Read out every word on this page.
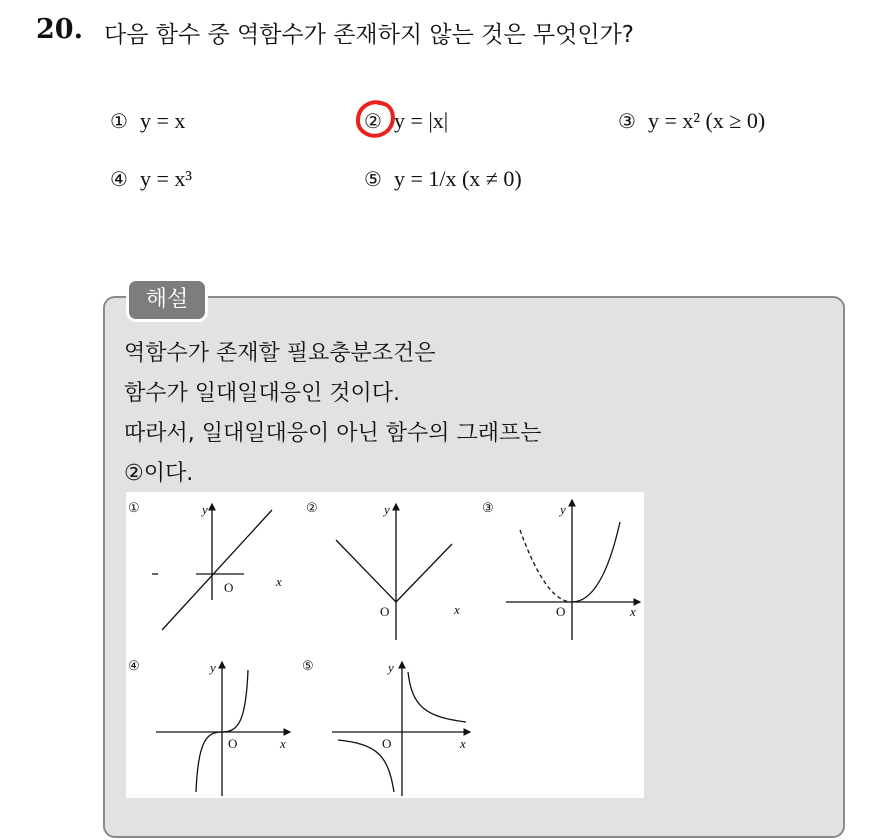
20. 다음 함수 중 역함수가 존재하지 않는 것은 무엇인가?
① y = x	② y = |x|	③ y = x² (x ≥ 0)
④ y = x³	⑤ y = 1/x (x ≠ 0)
해설
역함수가 존재할 필요충분조건은
함수가 일대일대응인 것이다.
따라서, 일대일대응이 아닌 함수의 그래프는
②이다.
①	y
x
O
②	y
x
O
③	y
x
O
④	y
x
O
⑤	y
x
O
